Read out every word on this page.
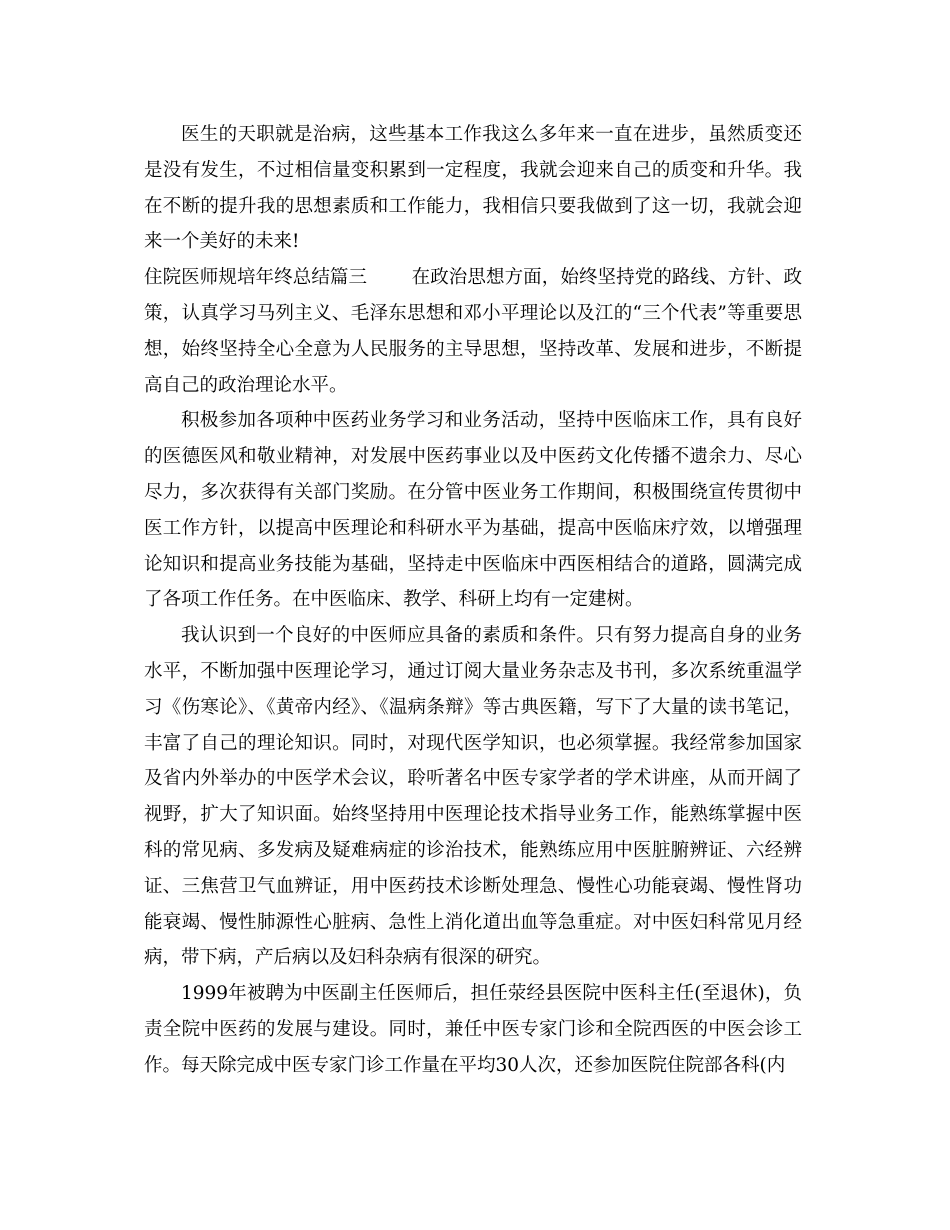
医生的天职就是治病，这些基本工作我这么多年来一直在进步，虽然质变还是没有发生，不过相信量变积累到一定程度，我就会迎来自己的质变和升华。我在不断的提升我的思想素质和工作能力，我相信只要我做到了这一切，我就会迎来一个美好的未来!

住院医师规培年终总结篇三 在政治思想方面，始终坚持党的路线、方针、政策，认真学习马列主义、毛泽东思想和邓小平理论以及江的“三个代表”等重要思想，始终坚持全心全意为人民服务的主导思想，坚持改革、发展和进步，不断提高自己的政治理论水平。

积极参加各项种中医药业务学习和业务活动，坚持中医临床工作，具有良好的医德医风和敬业精神，对发展中医药事业以及中医药文化传播不遗余力、尽心尽力，多次获得有关部门奖励。在分管中医业务工作期间，积极围绕宣传贯彻中医工作方针，以提高中医理论和科研水平为基础，提高中医临床疗效，以增强理论知识和提高业务技能为基础，坚持走中医临床中西医相结合的道路，圆满完成了各项工作任务。在中医临床、教学、科研上均有一定建树。

我认识到一个良好的中医师应具备的素质和条件。只有努力提高自身的业务水平，不断加强中医理论学习，通过订阅大量业务杂志及书刊，多次系统重温学习《伤寒论》、《黄帝内经》、《温病条辩》等古典医籍，写下了大量的读书笔记，丰富了自己的理论知识。同时，对现代医学知识，也必须掌握。我经常参加国家及省内外举办的中医学术会议，聆听著名中医专家学者的学术讲座，从而开阔了视野，扩大了知识面。始终坚持用中医理论技术指导业务工作，能熟练掌握中医科的常见病、多发病及疑难病症的诊治技术，能熟练应用中医脏腑辨证、六经辨证、三焦营卫气血辨证，用中医药技术诊断处理急、慢性心功能衰竭、慢性肾功能衰竭、慢性肺源性心脏病、急性上消化道出血等急重症。对中医妇科常见月经病，带下病，产后病以及妇科杂病有很深的研究。

1999年被聘为中医副主任医师后，担任荥经县医院中医科主任(至退休)，负责全院中医药的发展与建设。同时，兼任中医专家门诊和全院西医的中医会诊工作。每天除完成中医专家门诊工作量在平均30人次，还参加医院住院部各科(内
